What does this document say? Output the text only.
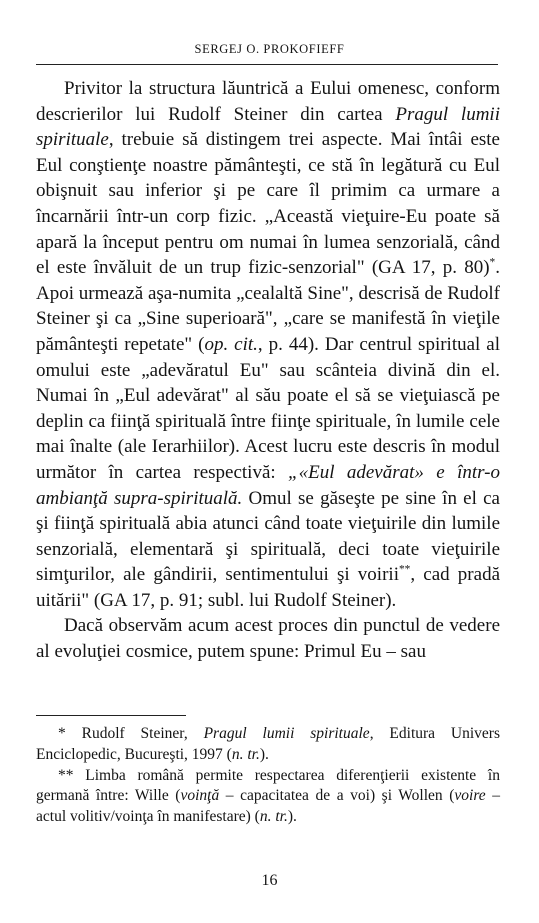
SERGEJ O. PROKOFIEFF

Privitor la structura lăuntrică a Eului omenesc, conform descrierilor lui Rudolf Steiner din cartea Pragul lumii spirituale, trebuie să distingem trei aspecte. Mai întâi este Eul conştienţe noastre pământeşti, ce stă în legătură cu Eul obişnuit sau inferior şi pe care îl primim ca urmare a încarnării într-un corp fizic. „Această vieţuire-Eu poate să apară la început pentru om numai în lumea senzorială, când el este învăluit de un trup fizic-senzorial" (GA 17, p. 80)*. Apoi urmează aşa-numita „cealaltă Sine", descrisă de Rudolf Steiner şi ca „Sine superioară", „care se manifestă în vieţile pământeşti repetate" (op. cit., p. 44). Dar centrul spiritual al omului este „adevăratul Eu" sau scânteia divină din el. Numai în „Eul adevărat" al său poate el să se vieţuiască pe deplin ca fiinţă spirituală între fiinţe spirituale, în lumile cele mai înalte (ale Ierarhiilor). Acest lucru este descris în modul următor în cartea respectivă: „«Eul adevărat» e într-o ambianţă supra-spirituală. Omul se găseşte pe sine în el ca şi fiinţă spirituală abia atunci când toate vieţuirile din lumile senzorială, elementară şi spirituală, deci toate vieţuirile simţurilor, ale gândirii, sentimentului şi voirii**, cad pradă uitării" (GA 17, p. 91; subl. lui Rudolf Steiner).

Dacă observăm acum acest proces din punctul de vedere al evoluţiei cosmice, putem spune: Primul Eu – sau

* Rudolf Steiner, Pragul lumii spirituale, Editura Univers Enciclopedic, Bucureşti, 1997 (n. tr.).

** Limba română permite respectarea diferenţierii existente în germană între: Wille (voinţă – capacitatea de a voi) şi Wollen (voire – actul volitiv/voinţa în manifestare) (n. tr.).

16
